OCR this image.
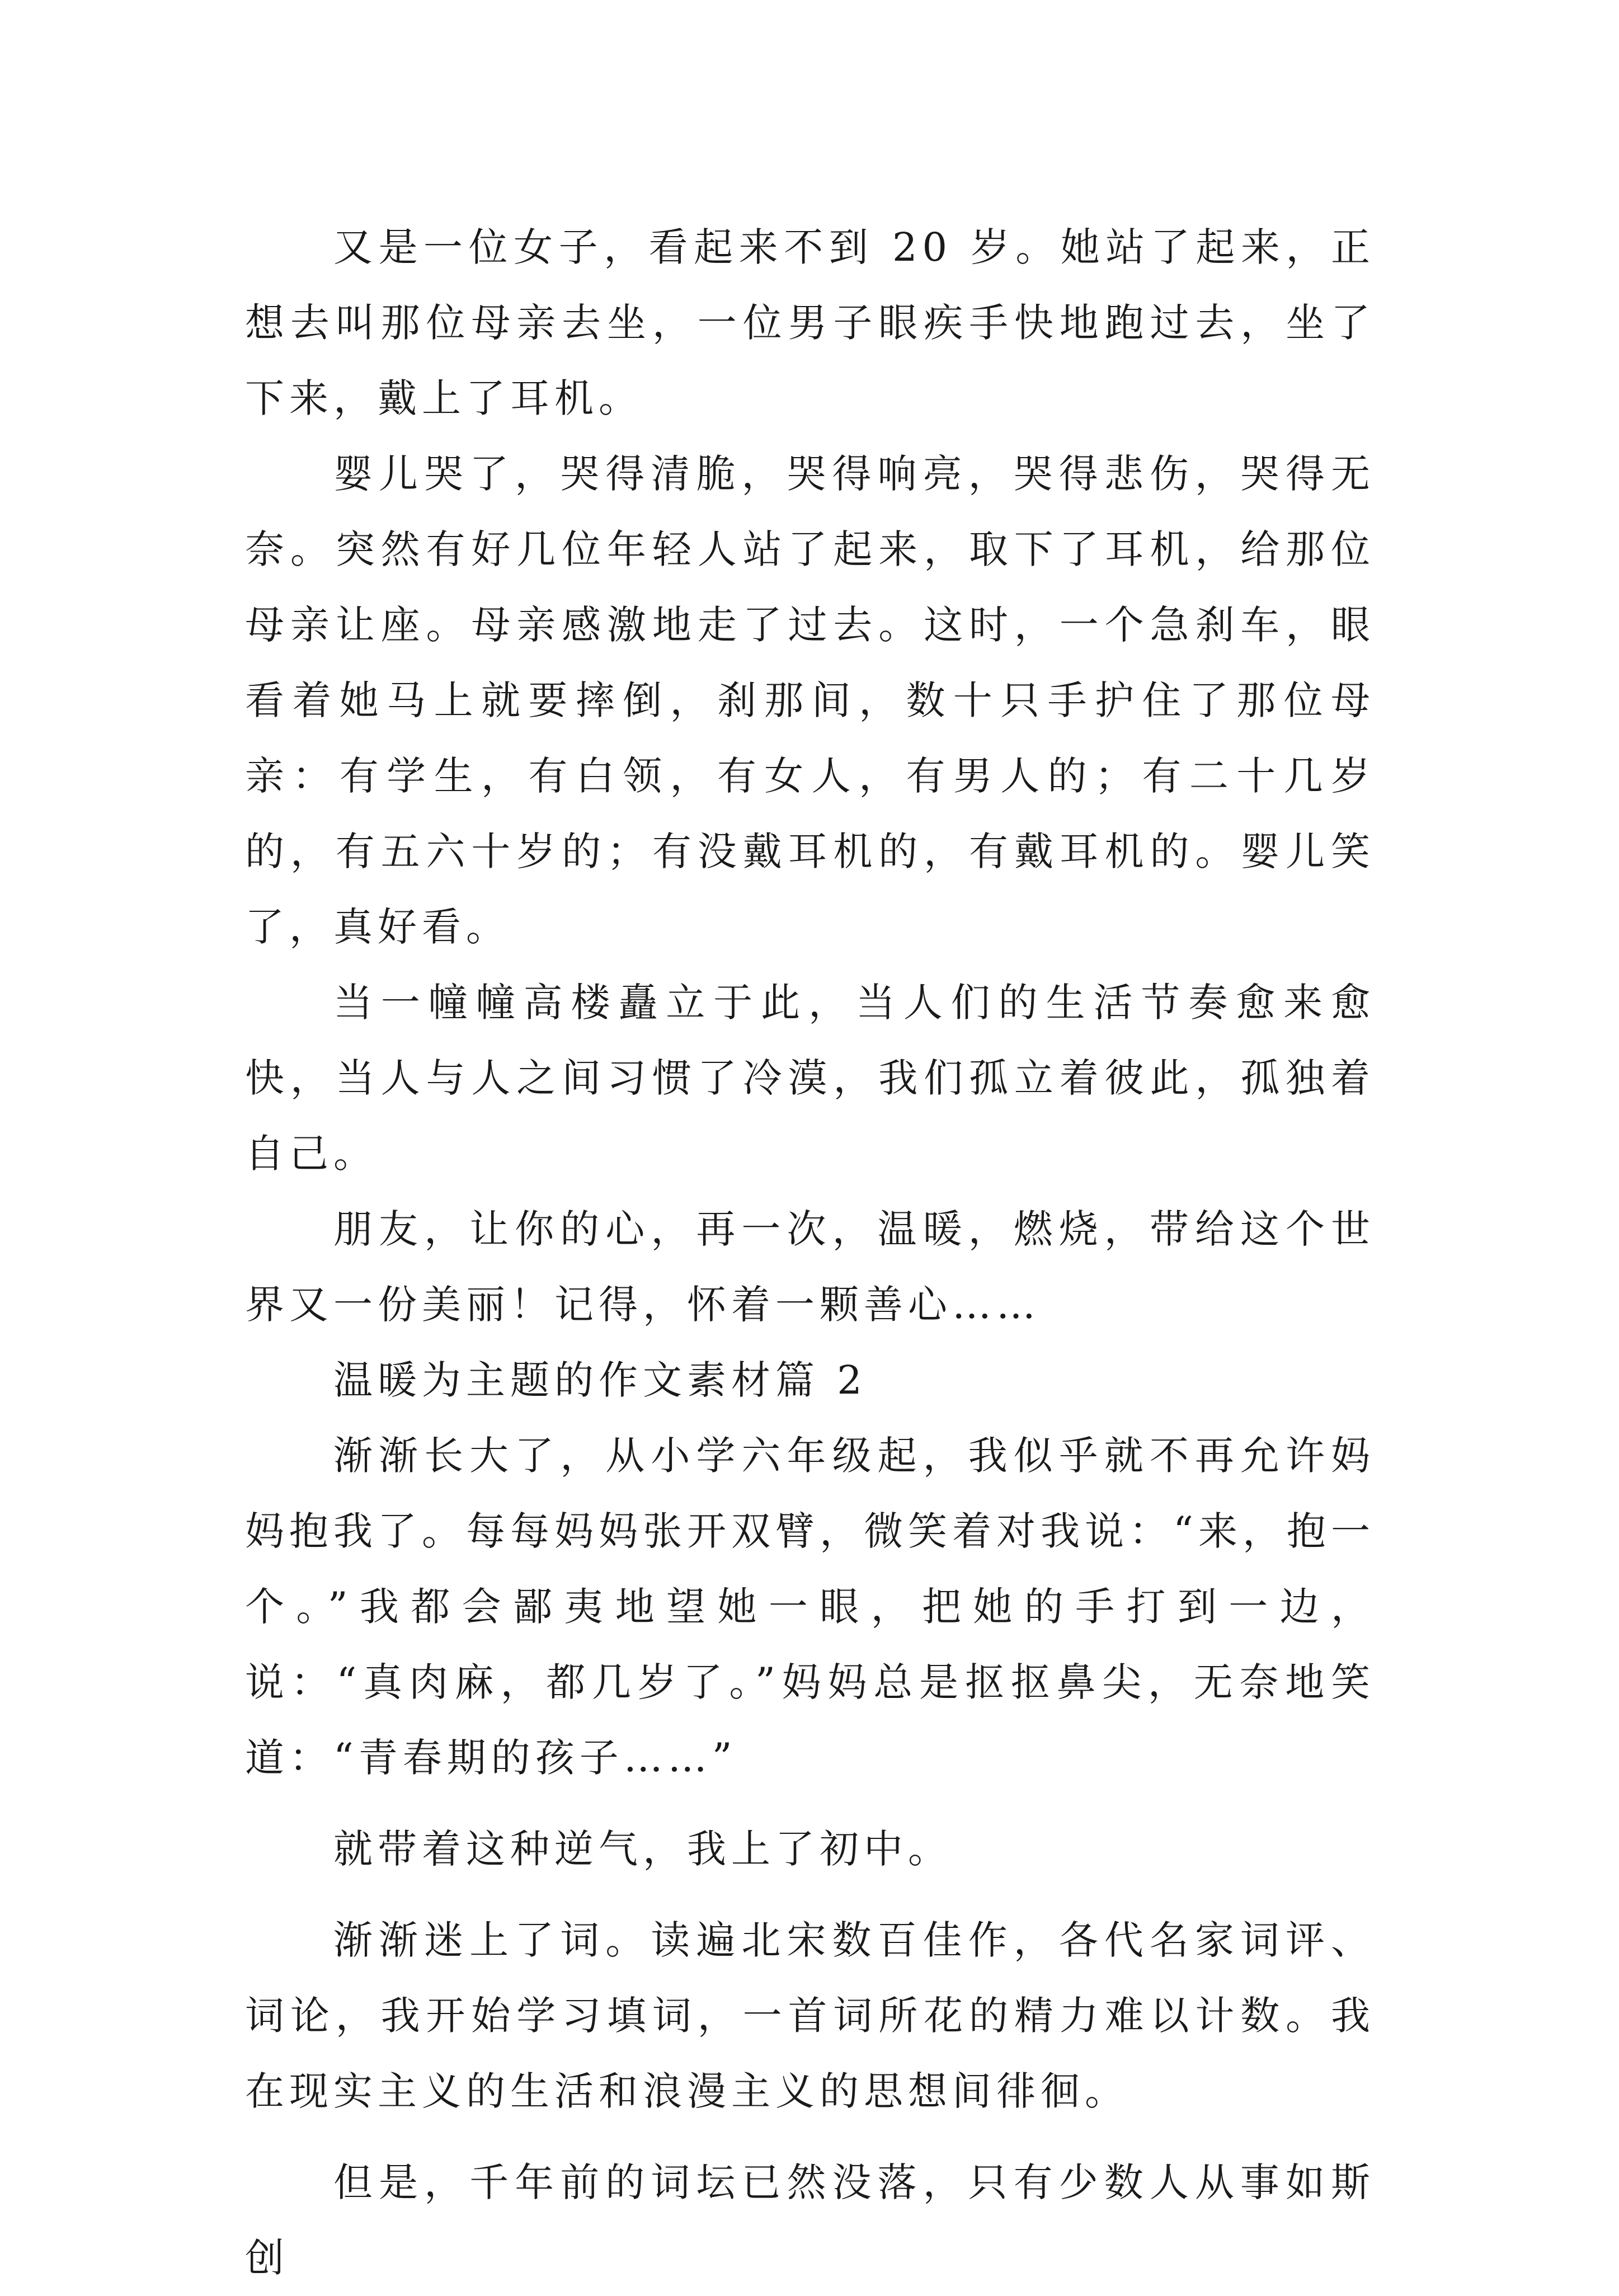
又是一位女子，看起来不到 20 岁。她站了起来，正想去叫那位母亲去坐，一位男子眼疾手快地跑过去，坐了下来，戴上了耳机。

婴儿哭了，哭得清脆，哭得响亮，哭得悲伤，哭得无奈。突然有好几位年轻人站了起来，取下了耳机，给那位母亲让座。母亲感激地走了过去。这时，一个急刹车，眼看着她马上就要摔倒，刹那间，数十只手护住了那位母亲：有学生，有白领，有女人，有男人的；有二十几岁的，有五六十岁的；有没戴耳机的，有戴耳机的。婴儿笑了，真好看。

当一幢幢高楼矗立于此，当人们的生活节奏愈来愈快，当人与人之间习惯了冷漠，我们孤立着彼此，孤独着自己。

朋友，让你的心，再一次，温暖，燃烧，带给这个世界又一份美丽！记得，怀着一颗善心……

温暖为主题的作文素材篇 2

渐渐长大了，从小学六年级起，我似乎就不再允许妈妈抱我了。每每妈妈张开双臂，微笑着对我说：“来，抱一个。”我都会鄙夷地望她一眼，把她的手打到一边，说：“真肉麻，都几岁了。”妈妈总是抠抠鼻尖，无奈地笑道：“青春期的孩子……”

就带着这种逆气，我上了初中。

渐渐迷上了词。读遍北宋数百佳作，各代名家词评、词论，我开始学习填词，一首词所花的精力难以计数。我在现实主义的生活和浪漫主义的思想间徘徊。

但是，千年前的词坛已然没落，只有少数人从事如斯创
